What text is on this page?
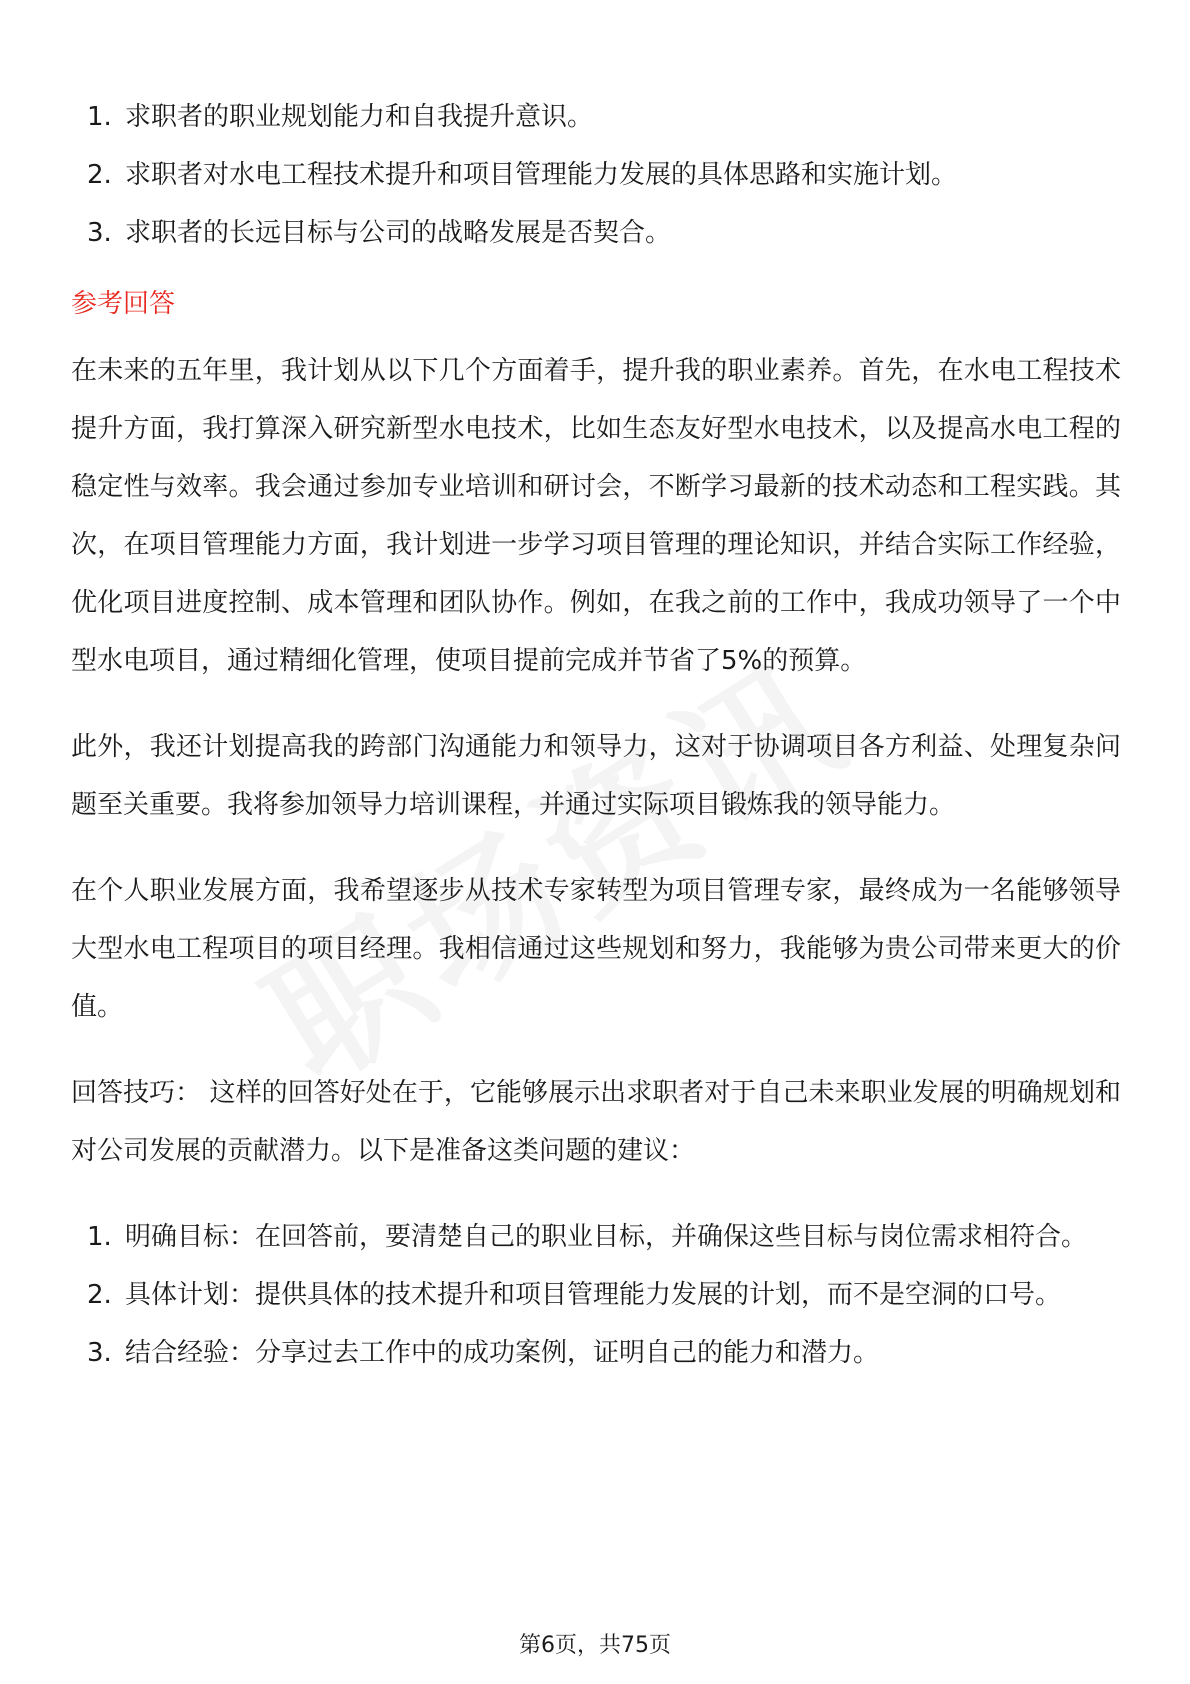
1. 求职者的职业规划能力和自我提升意识。
2. 求职者对水电工程技术提升和项目管理能力发展的具体思路和实施计划。
3. 求职者的长远目标与公司的战略发展是否契合。
参考回答

在未来的五年里，我计划从以下几个方面着手，提升我的职业素养。首先，在水电工程技术提升方面，我打算深入研究新型水电技术，比如生态友好型水电技术，以及提高水电工程的稳定性与效率。我会通过参加专业培训和研讨会，不断学习最新的技术动态和工程实践。其次，在项目管理能力方面，我计划进一步学习项目管理的理论知识，并结合实际工作经验，优化项目进度控制、成本管理和团队协作。例如，在我之前的工作中，我成功领导了一个中型水电项目，通过精细化管理，使项目提前完成并节省了5%的预算。

此外，我还计划提高我的跨部门沟通能力和领导力，这对于协调项目各方利益、处理复杂问题至关重要。我将参加领导力培训课程，并通过实际项目锻炼我的领导能力。

在个人职业发展方面，我希望逐步从技术专家转型为项目管理专家，最终成为一名能够领导大型水电工程项目的项目经理。我相信通过这些规划和努力，我能够为贵公司带来更大的价值。

回答技巧： 这样的回答好处在于，它能够展示出求职者对于自己未来职业发展的明确规划和对公司发展的贡献潜力。以下是准备这类问题的建议：

1. 明确目标：在回答前，要清楚自己的职业目标，并确保这些目标与岗位需求相符合。
2. 具体计划：提供具体的技术提升和项目管理能力发展的计划，而不是空洞的口号。
3. 结合经验：分享过去工作中的成功案例，证明自己的能力和潜力。
第6页，共75页
